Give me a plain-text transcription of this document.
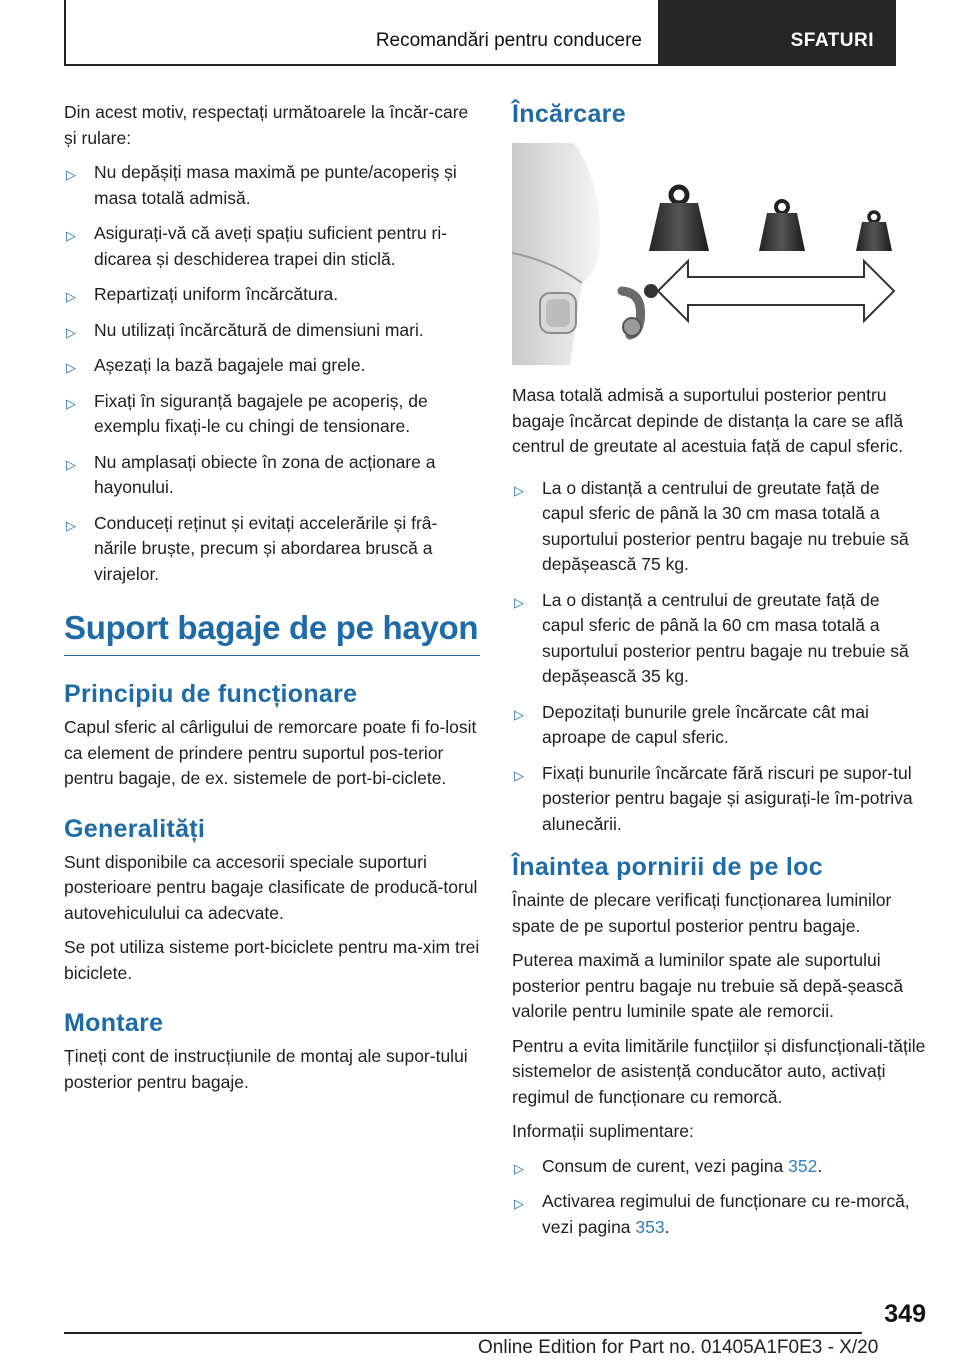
Recomandări pentru conducere	SFATURI

Din acest motiv, respectați următoarele la încăr-care și rulare:

▷ Nu depășiți masa maximă pe punte/acoperiș și masa totală admisă.
▷ Asigurați-vă că aveți spațiu suficient pentru ri-dicarea și deschiderea trapei din sticlă.
▷ Repartizați uniform încărcătura.
▷ Nu utilizați încărcătură de dimensiuni mari.
▷ Așezați la bază bagajele mai grele.
▷ Fixați în siguranță bagajele pe acoperiș, de exemplu fixați-le cu chingi de tensionare.
▷ Nu amplasați obiecte în zona de acționare a hayonului.
▷ Conduceți reținut și evitați accelerările și frâ-nările bruște, precum și abordarea bruscă a virajelor.
Suport bagaje de pe hayon
Principiu de funcționare

Capul sferic al cârligului de remorcare poate fi fo-losit ca element de prindere pentru suportul pos-terior pentru bagaje, de ex. sistemele de port-bi-ciclete.

Generalități

Sunt disponibile ca accesorii speciale suporturi posterioare pentru bagaje clasificate de producă-torul autovehiculului ca adecvate.

Se pot utiliza sisteme port-biciclete pentru ma-xim trei biciclete.

Montare

Țineți cont de instrucțiunile de montaj ale supor-tului posterior pentru bagaje.

Încărcare

Masa totală admisă a suportului posterior pentru bagaje încărcat depinde de distanța la care se află centrul de greutate al acestuia față de capul sferic.

▷ La o distanță a centrului de greutate față de capul sferic de până la 30 cm masa totală a suportului posterior pentru bagaje nu trebuie să depășească 75 kg.
▷ La o distanță a centrului de greutate față de capul sferic de până la 60 cm masa totală a suportului posterior pentru bagaje nu trebuie să depășească 35 kg.
▷ Depozitați bunurile grele încărcate cât mai aproape de capul sferic.
▷ Fixați bunurile încărcate fără riscuri pe supor-tul posterior pentru bagaje și asigurați-le îm-potriva alunecării.
Înaintea pornirii de pe loc

Înainte de plecare verificați funcționarea luminilor spate de pe suportul posterior pentru bagaje.

Puterea maximă a luminilor spate ale suportului posterior pentru bagaje nu trebuie să depă-șească valorile pentru luminile spate ale remorcii.

Pentru a evita limitările funcțiilor și disfuncționali-tățile sistemelor de asistență conducător auto, activați regimul de funcționare cu remorcă.

Informații suplimentare:

▷ Consum de curent, vezi pagina 352.
▷ Activarea regimului de funcționare cu re-morcă, vezi pagina 353.
349
Online Edition for Part no. 01405A1F0E3 - X/20
